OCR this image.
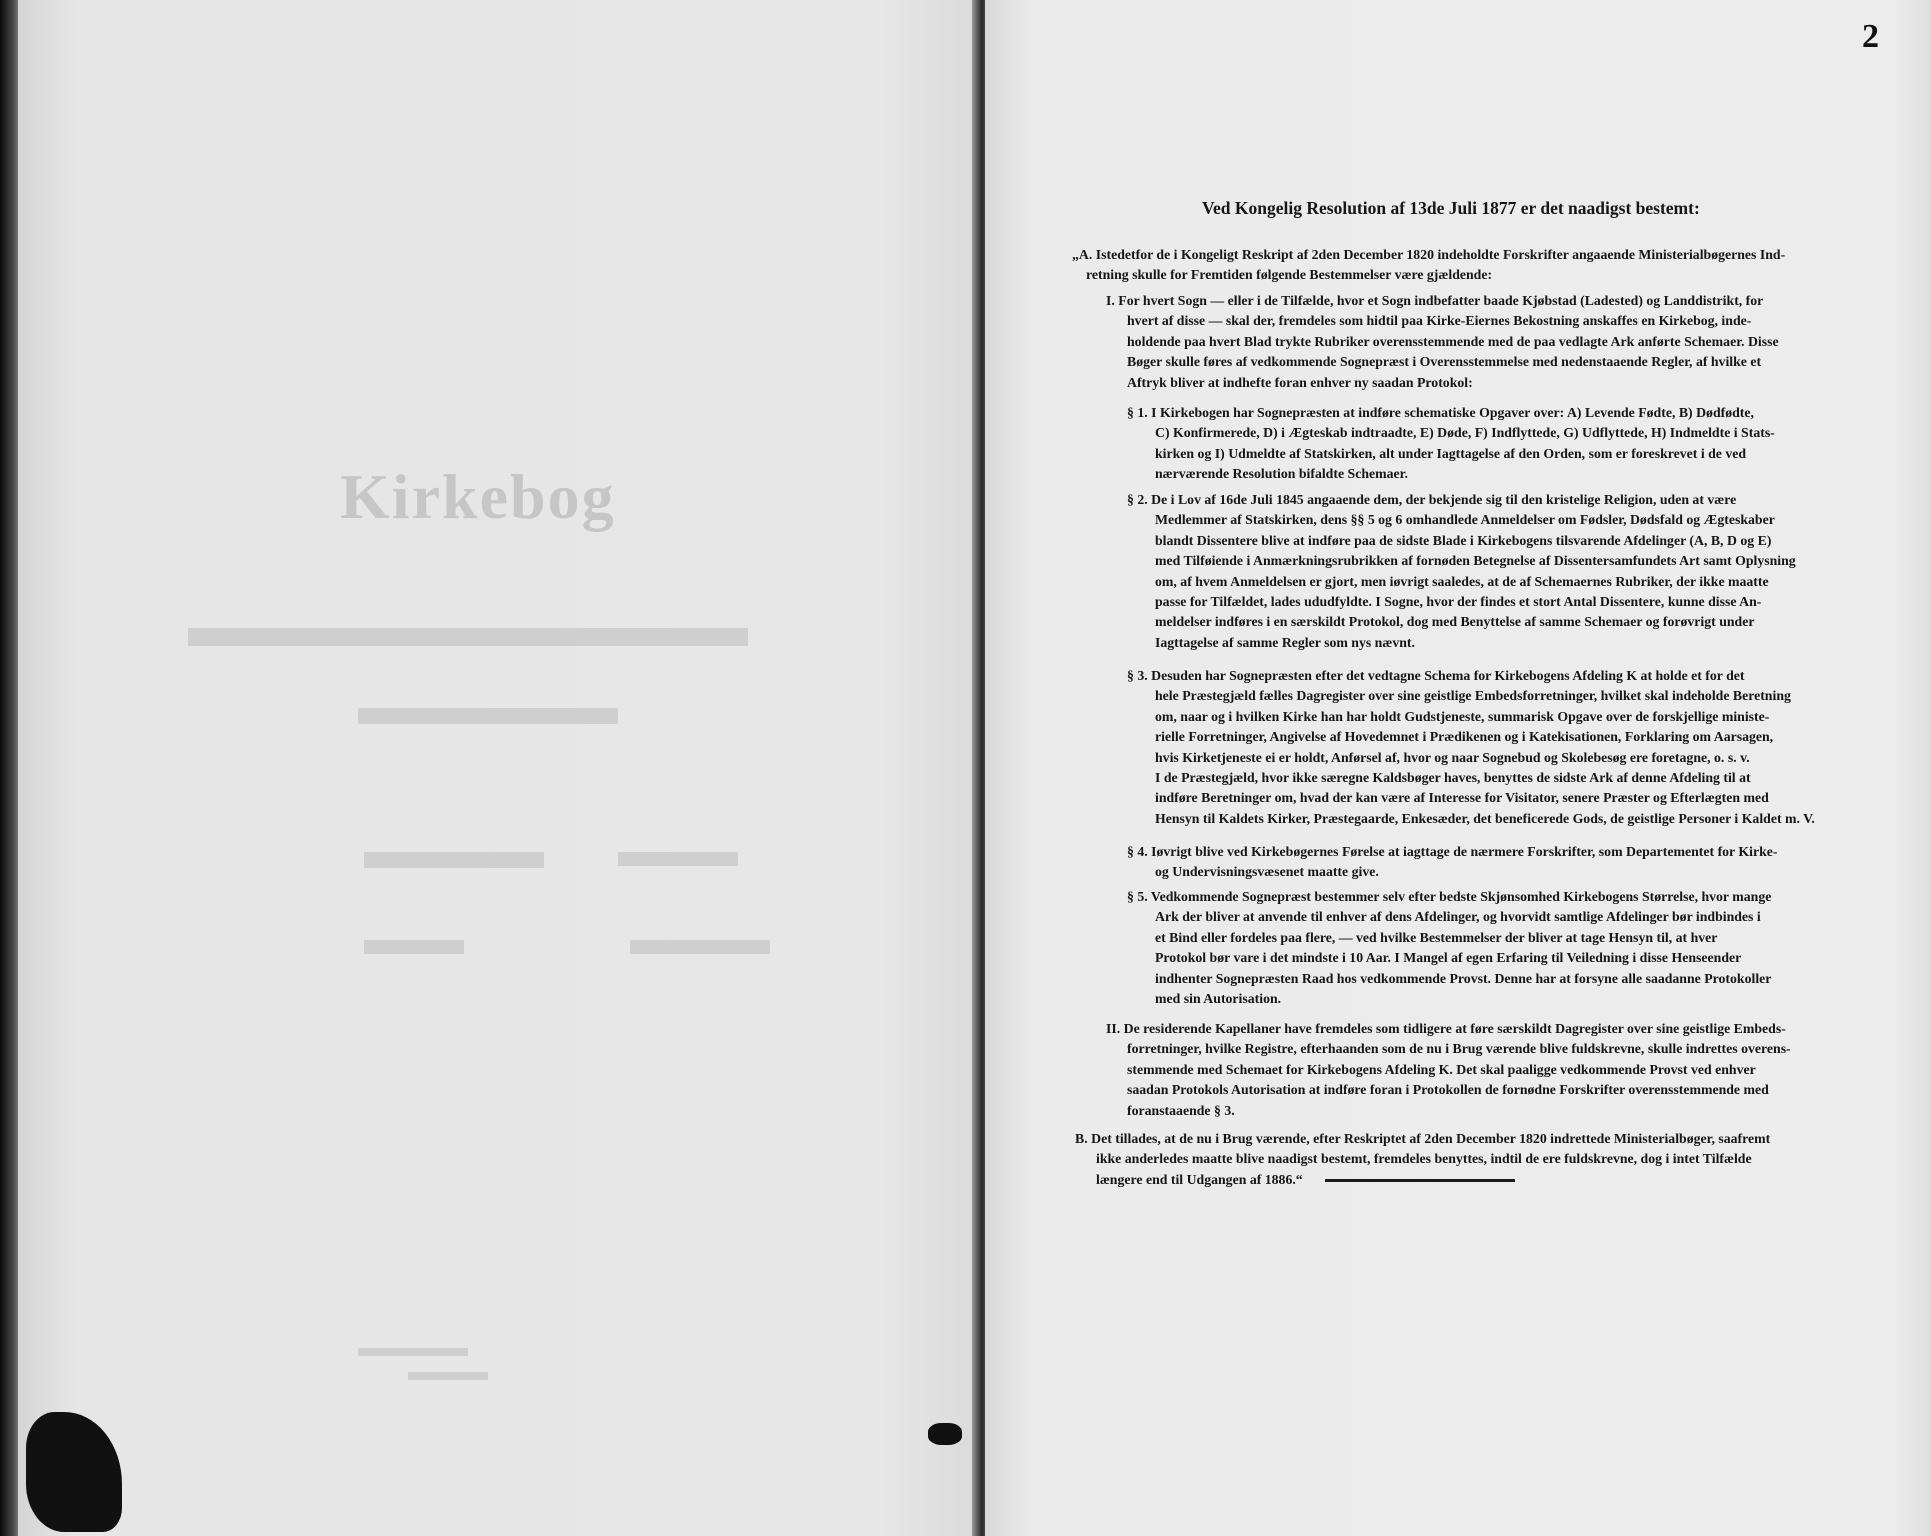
Kirkebog
2
Ved Kongelig Resolution af 13de Juli 1877 er det naadigst bestemt:
„A. Istedetfor de i Kongeligt Reskript af 2den December 1820 indeholdte Forskrifter angaaende Ministerialbøgernes Ind-
retning skulle for Fremtiden følgende Bestemmelser være gjældende:
I. For hvert Sogn — eller i de Tilfælde, hvor et Sogn indbefatter baade Kjøbstad (Ladested) og Landdistrikt, for
hvert af disse — skal der, fremdeles som hidtil paa Kirke-Eiernes Bekostning anskaffes en Kirkebog, inde-
holdende paa hvert Blad trykte Rubriker overensstemmende med de paa vedlagte Ark anførte Schemaer. Disse
Bøger skulle føres af vedkommende Sognepræst i Overensstemmelse med nedenstaaende Regler, af hvilke et
Aftryk bliver at indhefte foran enhver ny saadan Protokol:
§ 1. I Kirkebogen har Sognepræsten at indføre schematiske Opgaver over: A) Levende Fødte, B) Dødfødte,
C) Konfirmerede, D) i Ægteskab indtraadte, E) Døde, F) Indflyttede, G) Udflyttede, H) Indmeldte i Stats-
kirken og I) Udmeldte af Statskirken, alt under Iagttagelse af den Orden, som er foreskrevet i de ved
nærværende Resolution bifaldte Schemaer.
§ 2. De i Lov af 16de Juli 1845 angaaende dem, der bekjende sig til den kristelige Religion, uden at være
Medlemmer af Statskirken, dens §§ 5 og 6 omhandlede Anmeldelser om Fødsler, Dødsfald og Ægteskaber
blandt Dissentere blive at indføre paa de sidste Blade i Kirkebogens tilsvarende Afdelinger (A, B, D og E)
med Tilføiende i Anmærkningsrubrikken af fornøden Betegnelse af Dissentersamfundets Art samt Oplysning
om, af hvem Anmeldelsen er gjort, men iøvrigt saaledes, at de af Schemaernes Rubriker, der ikke maatte
passe for Tilfældet, lades ududfyldte. I Sogne, hvor der findes et stort Antal Dissentere, kunne disse An-
meldelser indføres i en særskildt Protokol, dog med Benyttelse af samme Schemaer og forøvrigt under
Iagttagelse af samme Regler som nys nævnt.
§ 3. Desuden har Sognepræsten efter det vedtagne Schema for Kirkebogens Afdeling K at holde et for det
hele Præstegjæld fælles Dagregister over sine geistlige Embedsforretninger, hvilket skal indeholde Beretning
om, naar og i hvilken Kirke han har holdt Gudstjeneste, summarisk Opgave over de forskjellige ministe-
rielle Forretninger, Angivelse af Hovedemnet i Prædikenen og i Katekisationen, Forklaring om Aarsagen,
hvis Kirketjeneste ei er holdt, Anførsel af, hvor og naar Sognebud og Skolebesøg ere foretagne, o. s. v.
I de Præstegjæld, hvor ikke særegne Kaldsbøger haves, benyttes de sidste Ark af denne Afdeling til at
indføre Beretninger om, hvad der kan være af Interesse for Visitator, senere Præster og Efterlægten med
Hensyn til Kaldets Kirker, Præstegaarde, Enkesæder, det beneficerede Gods, de geistlige Personer i Kaldet m. V.
§ 4. Iøvrigt blive ved Kirkebøgernes Førelse at iagttage de nærmere Forskrifter, som Departementet for Kirke-
og Undervisningsvæsenet maatte give.
§ 5. Vedkommende Sognepræst bestemmer selv efter bedste Skjønsomhed Kirkebogens Størrelse, hvor mange
Ark der bliver at anvende til enhver af dens Afdelinger, og hvorvidt samtlige Afdelinger bør indbindes i
et Bind eller fordeles paa flere, — ved hvilke Bestemmelser der bliver at tage Hensyn til, at hver
Protokol bør vare i det mindste i 10 Aar. I Mangel af egen Erfaring til Veiledning i disse Henseender
indhenter Sognepræsten Raad hos vedkommende Provst. Denne har at forsyne alle saadanne Protokoller
med sin Autorisation.
II. De residerende Kapellaner have fremdeles som tidligere at føre særskildt Dagregister over sine geistlige Embeds-
forretninger, hvilke Registre, efterhaanden som de nu i Brug værende blive fuldskrevne, skulle indrettes overens-
stemmende med Schemaet for Kirkebogens Afdeling K. Det skal paaligge vedkommende Provst ved enhver
saadan Protokols Autorisation at indføre foran i Protokollen de fornødne Forskrifter overensstemmende med
foranstaaende § 3.
B. Det tillades, at de nu i Brug værende, efter Reskriptet af 2den December 1820 indrettede Ministerialbøger, saafremt
ikke anderledes maatte blive naadigst bestemt, fremdeles benyttes, indtil de ere fuldskrevne, dog i intet Tilfælde
længere end til Udgangen af 1886.“
